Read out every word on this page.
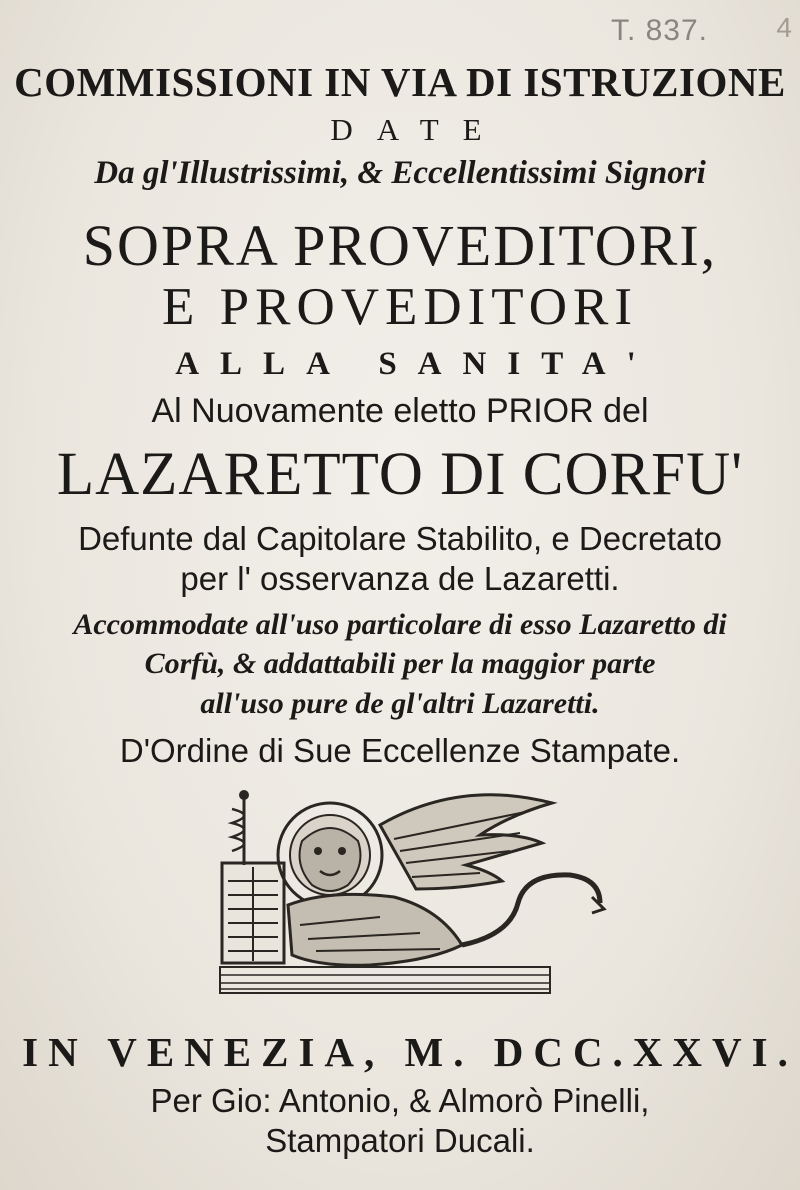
T. 837. 4
COMMISSIONI IN VIA DI ISTRUZIONE
DATE
Da gl'Illustrissimi, & Eccellentissimi Signori
SOPRA PROVEDITORI,
E PROVEDITORI
ALLA SANITA'
Al Nuovamente eletto PRIOR del
LAZARETTO DI CORFU'
Defunte dal Capitolare Stabilito, e Decretato
per l' osservanza de Lazaretti.
Accommodate all'uso particolare di esso Lazaretto di
Corfù, & addattabili per la maggior parte
all'uso pure de gl'altri Lazaretti.
D'Ordine di Sue Eccellenze Stampate.
IN VENEZIA, M. DCC.XXVI.
Per Gio: Antonio, & Almorò Pinelli,
Stampatori Ducali.
